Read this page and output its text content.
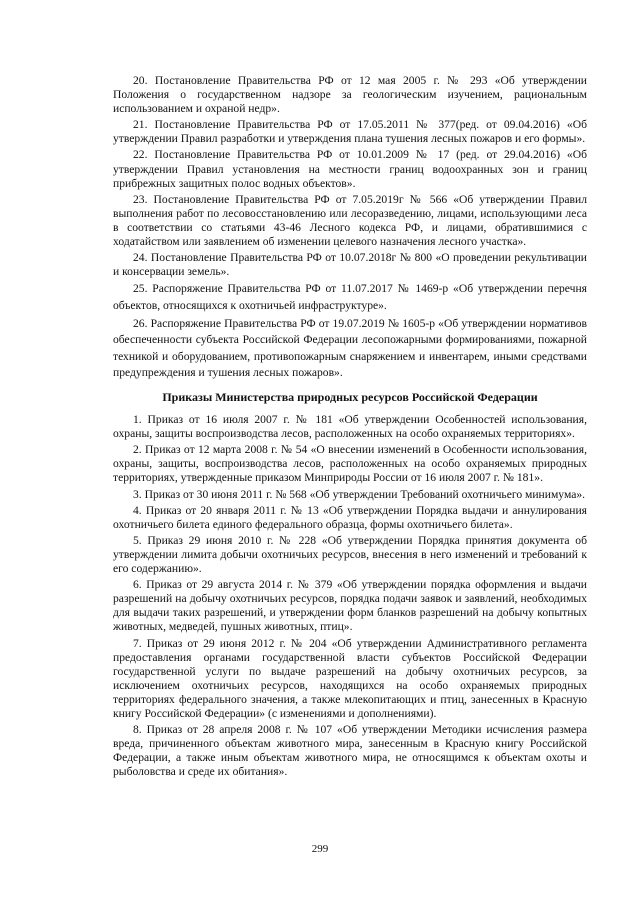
20. Постановление Правительства РФ от 12 мая 2005 г. № 293 «Об утверждении Положения о государственном надзоре за геологическим изучением, рациональным использованием и охраной недр».

21. Постановление Правительства РФ от 17.05.2011 № 377(ред. от 09.04.2016) «Об утверждении Правил разработки и утверждения плана тушения лесных пожаров и его формы».

22. Постановление Правительства РФ от 10.01.2009 № 17 (ред. от 29.04.2016) «Об утверждении Правил установления на местности границ водоохранных зон и границ прибрежных защитных полос водных объектов».

23. Постановление Правительства РФ от 7.05.2019г № 566 «Об утверждении Правил выполнения работ по лесовосстановлению или лесоразведению, лицами, использующими леса в соответствии со статьями 43-46 Лесного кодекса РФ, и лицами, обратившимися с ходатайством или заявлением об изменении целевого назначения лесного участка».

24. Постановление Правительства РФ от 10.07.2018г № 800 «О проведении рекультивации и консервации земель».

25. Распоряжение Правительства РФ от 11.07.2017 № 1469-р «Об утверждении перечня объектов, относящихся к охотничьей инфраструктуре».

26. Распоряжение Правительства РФ от 19.07.2019 № 1605-р «Об утверждении нормативов обеспеченности субъекта Российской Федерации лесопожарными формированиями, пожарной техникой и оборудованием, противопожарным снаряжением и инвентарем, иными средствами предупреждения и тушения лесных пожаров».

Приказы Министерства природных ресурсов Российской Федерации

1. Приказ от 16 июля 2007 г. № 181 «Об утверждении Особенностей использования, охраны, защиты воспроизводства лесов, расположенных на особо охраняемых территориях».

2. Приказ от 12 марта 2008 г. № 54 «О внесении изменений в Особенности использования, охраны, защиты, воспроизводства лесов, расположенных на особо охраняемых природных территориях, утвержденные приказом Минприроды России от 16 июля 2007 г. № 181».

3. Приказ от 30 июня 2011 г. № 568 «Об утверждении Требований охотничьего минимума».

4. Приказ от 20 января 2011 г. № 13 «Об утверждении Порядка выдачи и аннулирования охотничьего билета единого федерального образца, формы охотничьего билета».

5. Приказ 29 июня 2010 г. № 228 «Об утверждении Порядка принятия документа об утверждении лимита добычи охотничьих ресурсов, внесения в него изменений и требований к его содержанию».

6. Приказ от 29 августа 2014 г. № 379 «Об утверждении порядка оформления и выдачи разрешений на добычу охотничьих ресурсов, порядка подачи заявок и заявлений, необходимых для выдачи таких разрешений, и утверждении форм бланков разрешений на добычу копытных животных, медведей, пушных животных, птиц».

7. Приказ от 29 июня 2012 г. № 204 «Об утверждении Административного регламента предоставления органами государственной власти субъектов Российской Федерации государственной услуги по выдаче разрешений на добычу охотничьих ресурсов, за исключением охотничьих ресурсов, находящихся на особо охраняемых природных территориях федерального значения, а также млекопитающих и птиц, занесенных в Красную книгу Российской Федерации» (с изменениями и дополнениями).

8. Приказ от 28 апреля 2008 г. № 107 «Об утверждении Методики исчисления размера вреда, причиненного объектам животного мира, занесенным в Красную книгу Российской Федерации, а также иным объектам животного мира, не относящимся к объектам охоты и рыболовства и среде их обитания».

299
